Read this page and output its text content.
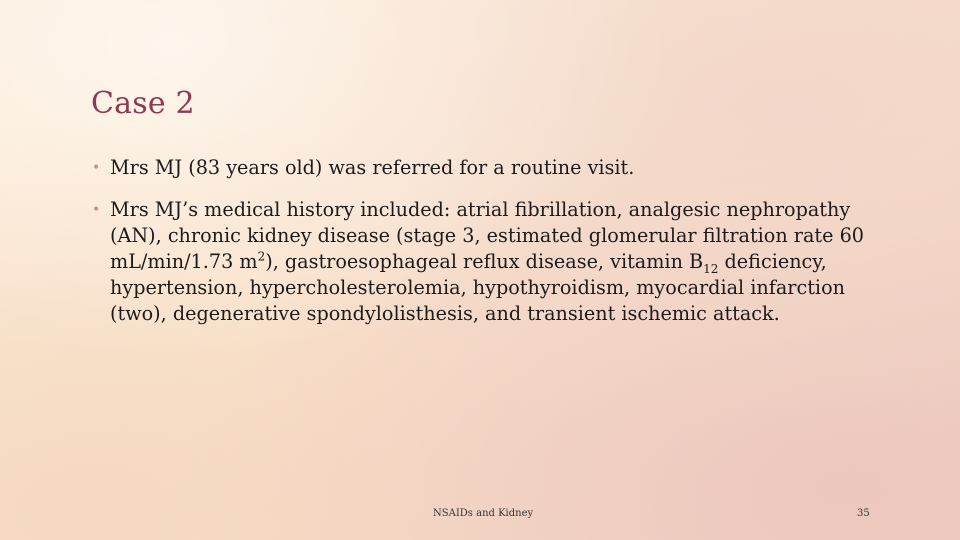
Case 2
• Mrs MJ (83 years old) was referred for a routine visit.
• Mrs MJ’s medical history included: atrial fibrillation, analgesic nephropathy (AN), chronic kidney disease (stage 3, estimated glomerular filtration rate 60 mL/min/1.73 $m^2$), gastroesophageal reflux disease, vitamin $B_{12}$ deficiency, hypertension, hypercholesterolemia, hypothyroidism, myocardial infarction (two), degenerative spondylolisthesis, and transient ischemic attack.
NSAIDs and Kidney	35
